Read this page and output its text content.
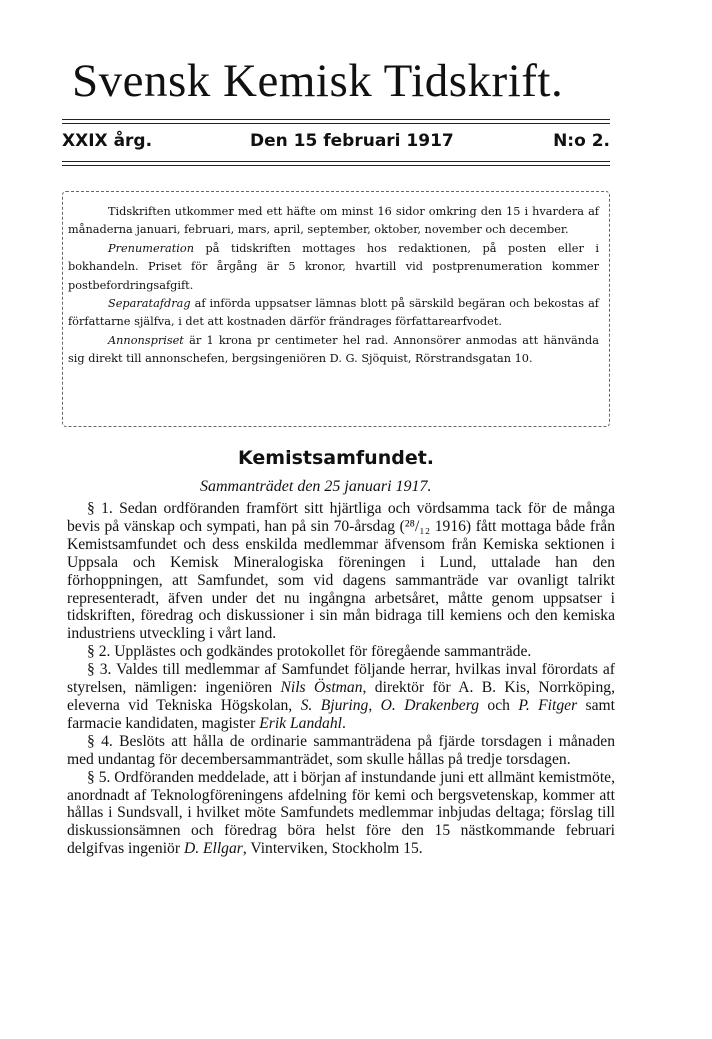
Svensk Kemisk Tidskrift.
XXIX årg.	Den 15 februari 1917	N:o 2.

Tidskriften utkommer med ett häfte om minst 16 sidor omkring den 15 i hvardera af månaderna januari, februari, mars, april, september, oktober, november och december.

Prenumeration på tidskriften mottages hos redaktionen, på posten eller i bokhandeln. Priset för årgång är 5 kronor, hvartill vid postprenumeration kommer postbefordringsafgift.

Separatafdrag af införda uppsatser lämnas blott på särskild begäran och bekostas af författarne själfva, i det att kostnaden därför frändrages författarearfvodet.

Annonspriset är 1 krona pr centimeter hel rad. Annonsörer anmodas att hänvända sig direkt till annonschefen, bergsingeniören D. G. Sjöquist, Rörstrandsgatan 10.

Kemistsamfundet.
Sammanträdet den 25 januari 1917.

§ 1. Sedan ordföranden framfört sitt hjärtliga och vördsamma tack för de många bevis på vänskap och sympati, han på sin 70-årsdag (²⁸/₁₂ 1916) fått mottaga både från Kemistsamfundet och dess enskilda medlemmar äfvensom från Kemiska sektionen i Uppsala och Kemisk Mineralogiska föreningen i Lund, uttalade han den förhoppningen, att Samfundet, som vid dagens sammanträde var ovanligt talrikt representeradt, äfven under det nu ingångna arbetsåret, måtte genom uppsatser i tidskriften, föredrag och diskussioner i sin mån bidraga till kemiens och den kemiska industriens utveckling i vårt land.

§ 2. Upplästes och godkändes protokollet för föregående sammanträde.

§ 3. Valdes till medlemmar af Samfundet följande herrar, hvilkas inval förordats af styrelsen, nämligen: ingeniören Nils Östman, direktör för A. B. Kis, Norrköping, eleverna vid Tekniska Högskolan, S. Bjuring, O. Drakenberg och P. Fitger samt farmacie kandidaten, magister Erik Landahl.

§ 4. Beslöts att hålla de ordinarie sammanträdena på fjärde torsdagen i månaden med undantag för decembersammanträdet, som skulle hållas på tredje torsdagen.

§ 5. Ordföranden meddelade, att i början af instundande juni ett allmänt kemistmöte, anordnadt af Teknologföreningens afdelning för kemi och bergsvetenskap, kommer att hållas i Sundsvall, i hvilket möte Samfundets medlemmar inbjudas deltaga; förslag till diskussionsämnen och föredrag böra helst före den 15 nästkommande februari delgifvas ingeniör D. Ellgar, Vinterviken, Stockholm 15.
